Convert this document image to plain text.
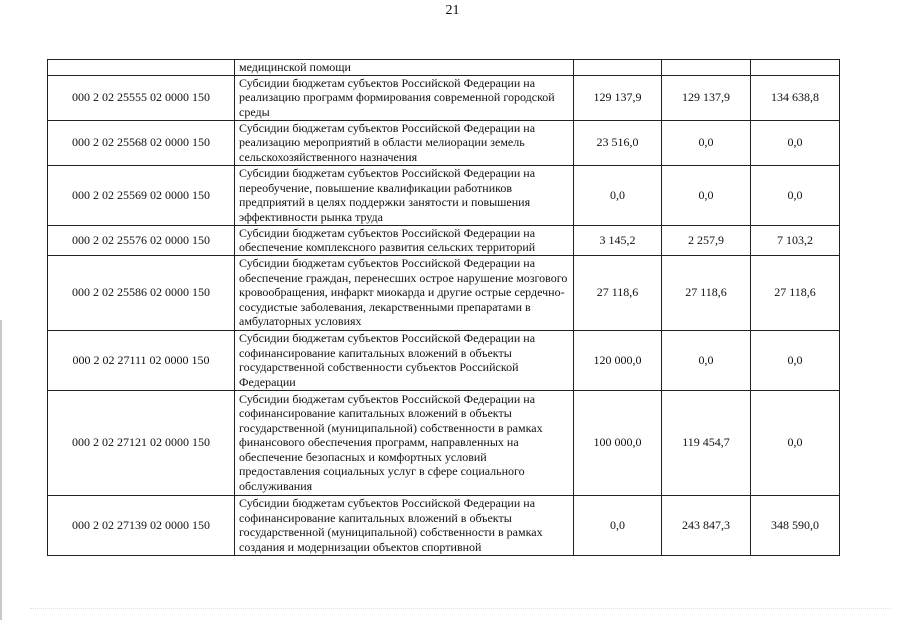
21
	медицинской помощи			
000 2 02 25555 02 0000 150	Субсидии бюджетам субъектов Российской Федерации на реализацию программ формирования современной городской среды	129 137,9	129 137,9	134 638,8
000 2 02 25568 02 0000 150	Субсидии бюджетам субъектов Российской Федерации на реализацию мероприятий в области мелиорации земель сельскохозяйственного назначения	23 516,0	0,0	0,0
000 2 02 25569 02 0000 150	Субсидии бюджетам субъектов Российской Федерации на переобучение, повышение квалификации работников предприятий в целях поддержки занятости и повышения эффективности рынка труда	0,0	0,0	0,0
000 2 02 25576 02 0000 150	Субсидии бюджетам субъектов Российской Федерации на обеспечение комплексного развития сельских территорий	3 145,2	2 257,9	7 103,2
000 2 02 25586 02 0000 150	Субсидии бюджетам субъектов Российской Федерации на обеспечение граждан, перенесших острое нарушение мозгового кровообращения, инфаркт миокарда и другие острые сердечно-сосудистые заболевания, лекарственными препаратами в амбулаторных условиях	27 118,6	27 118,6	27 118,6
000 2 02 27111 02 0000 150	Субсидии бюджетам субъектов Российской Федерации на софинансирование капитальных вложений в объекты государственной собственности субъектов Российской Федерации	120 000,0	0,0	0,0
000 2 02 27121 02 0000 150	Субсидии бюджетам субъектов Российской Федерации на софинансирование капитальных вложений в объекты государственной (муниципальной) собственности в рамках финансового обеспечения программ, направленных на обеспечение безопасных и комфортных условий предоставления социальных услуг в сфере социального обслуживания	100 000,0	119 454,7	0,0
000 2 02 27139 02 0000 150	Субсидии бюджетам субъектов Российской Федерации на софинансирование капитальных вложений в объекты государственной (муниципальной) собственности в рамках создания и модернизации объектов спортивной	0,0	243 847,3	348 590,0
